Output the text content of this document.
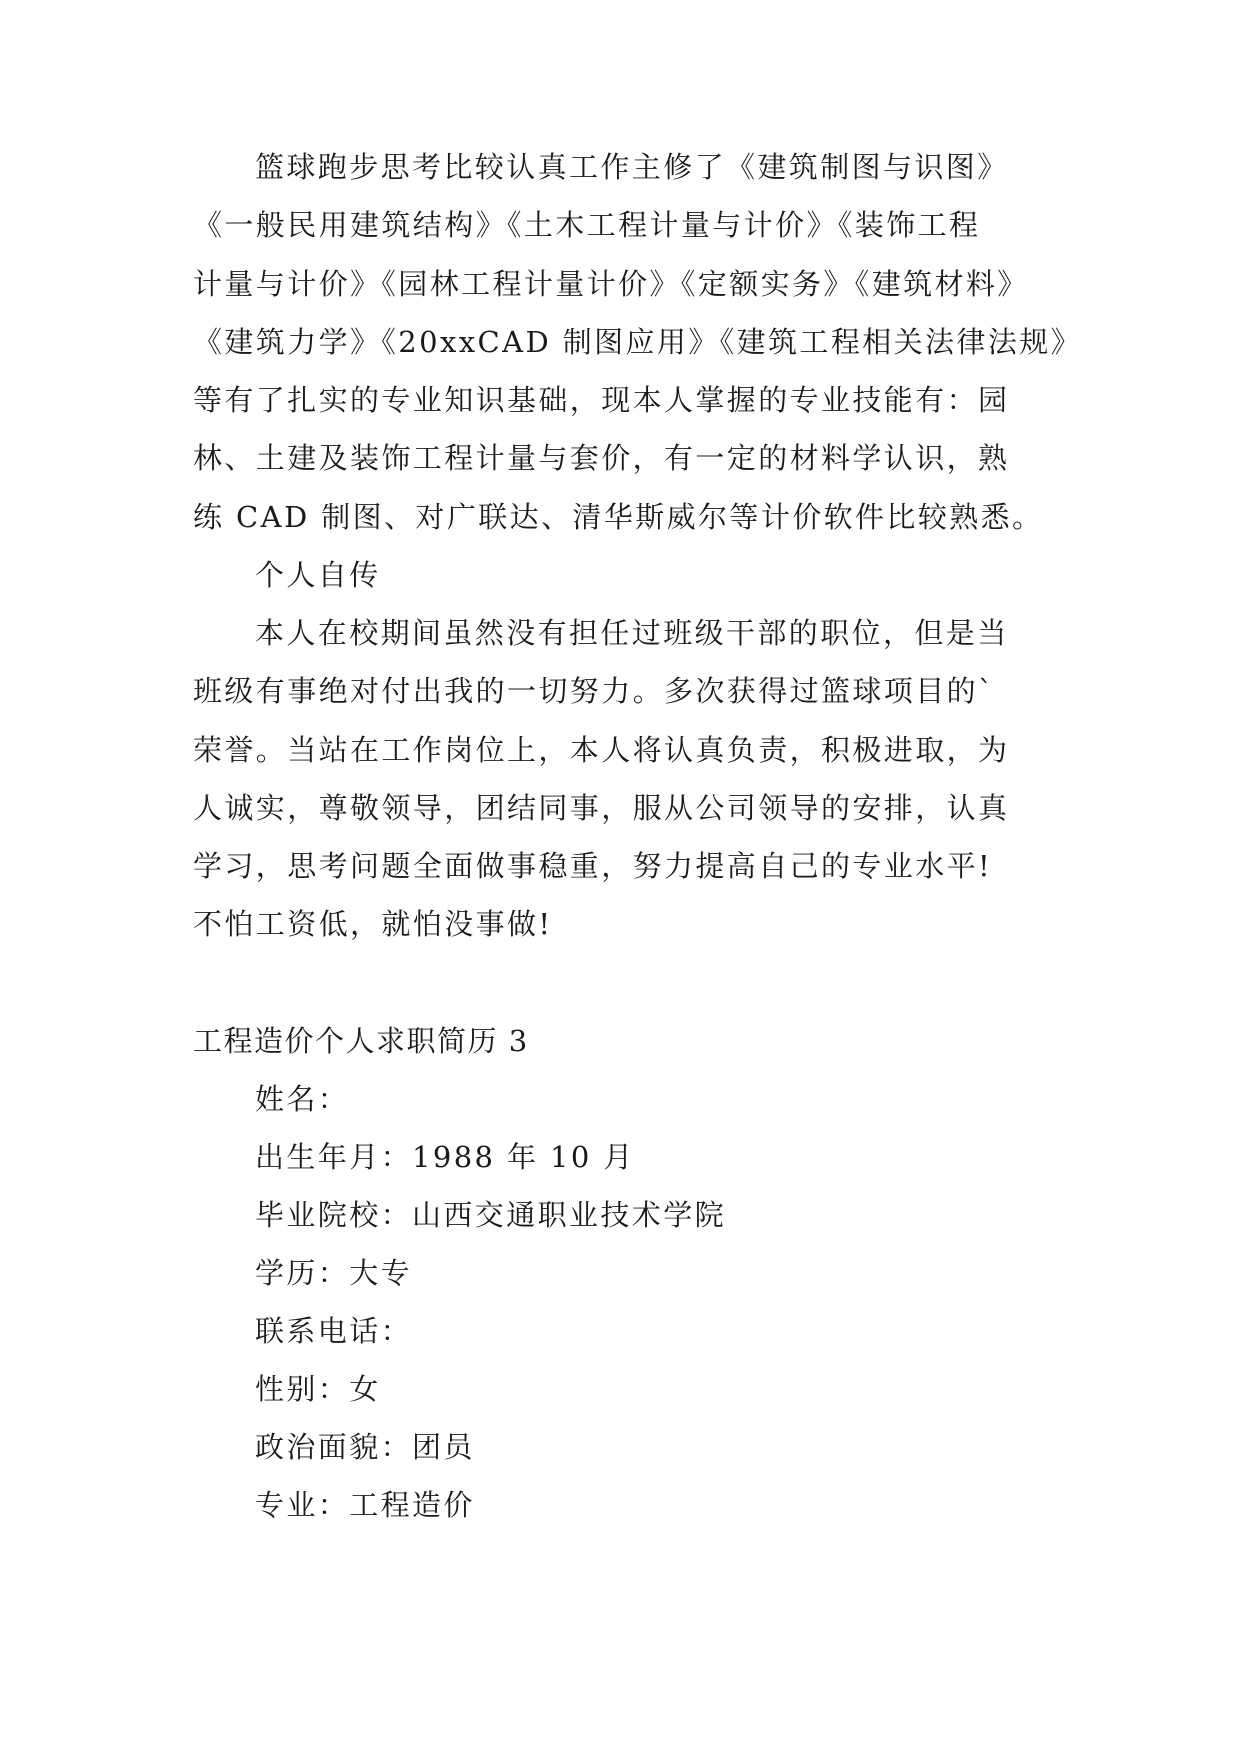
篮球跑步思考比较认真工作主修了《建筑制图与识图》
《一般民用建筑结构》《土木工程计量与计价》《装饰工程
计量与计价》《园林工程计量计价》《定额实务》《建筑材料》
《建筑力学》《20xxCAD 制图应用》《建筑工程相关法律法规》
等有了扎实的专业知识基础，现本人掌握的专业技能有：园
林、土建及装饰工程计量与套价，有一定的材料学认识，熟
练 CAD 制图、对广联达、清华斯威尔等计价软件比较熟悉。
个人自传
本人在校期间虽然没有担任过班级干部的职位，但是当
班级有事绝对付出我的一切努力。多次获得过篮球项目的`
荣誉。当站在工作岗位上，本人将认真负责，积极进取，为
人诚实，尊敬领导，团结同事，服从公司领导的安排，认真
学习，思考问题全面做事稳重，努力提高自己的专业水平!
不怕工资低，就怕没事做!
工程造价个人求职简历 3
姓名：
出生年月：1988 年 10 月
毕业院校：山西交通职业技术学院
学历：大专
联系电话：
性别：女
政治面貌：团员
专业：工程造价
